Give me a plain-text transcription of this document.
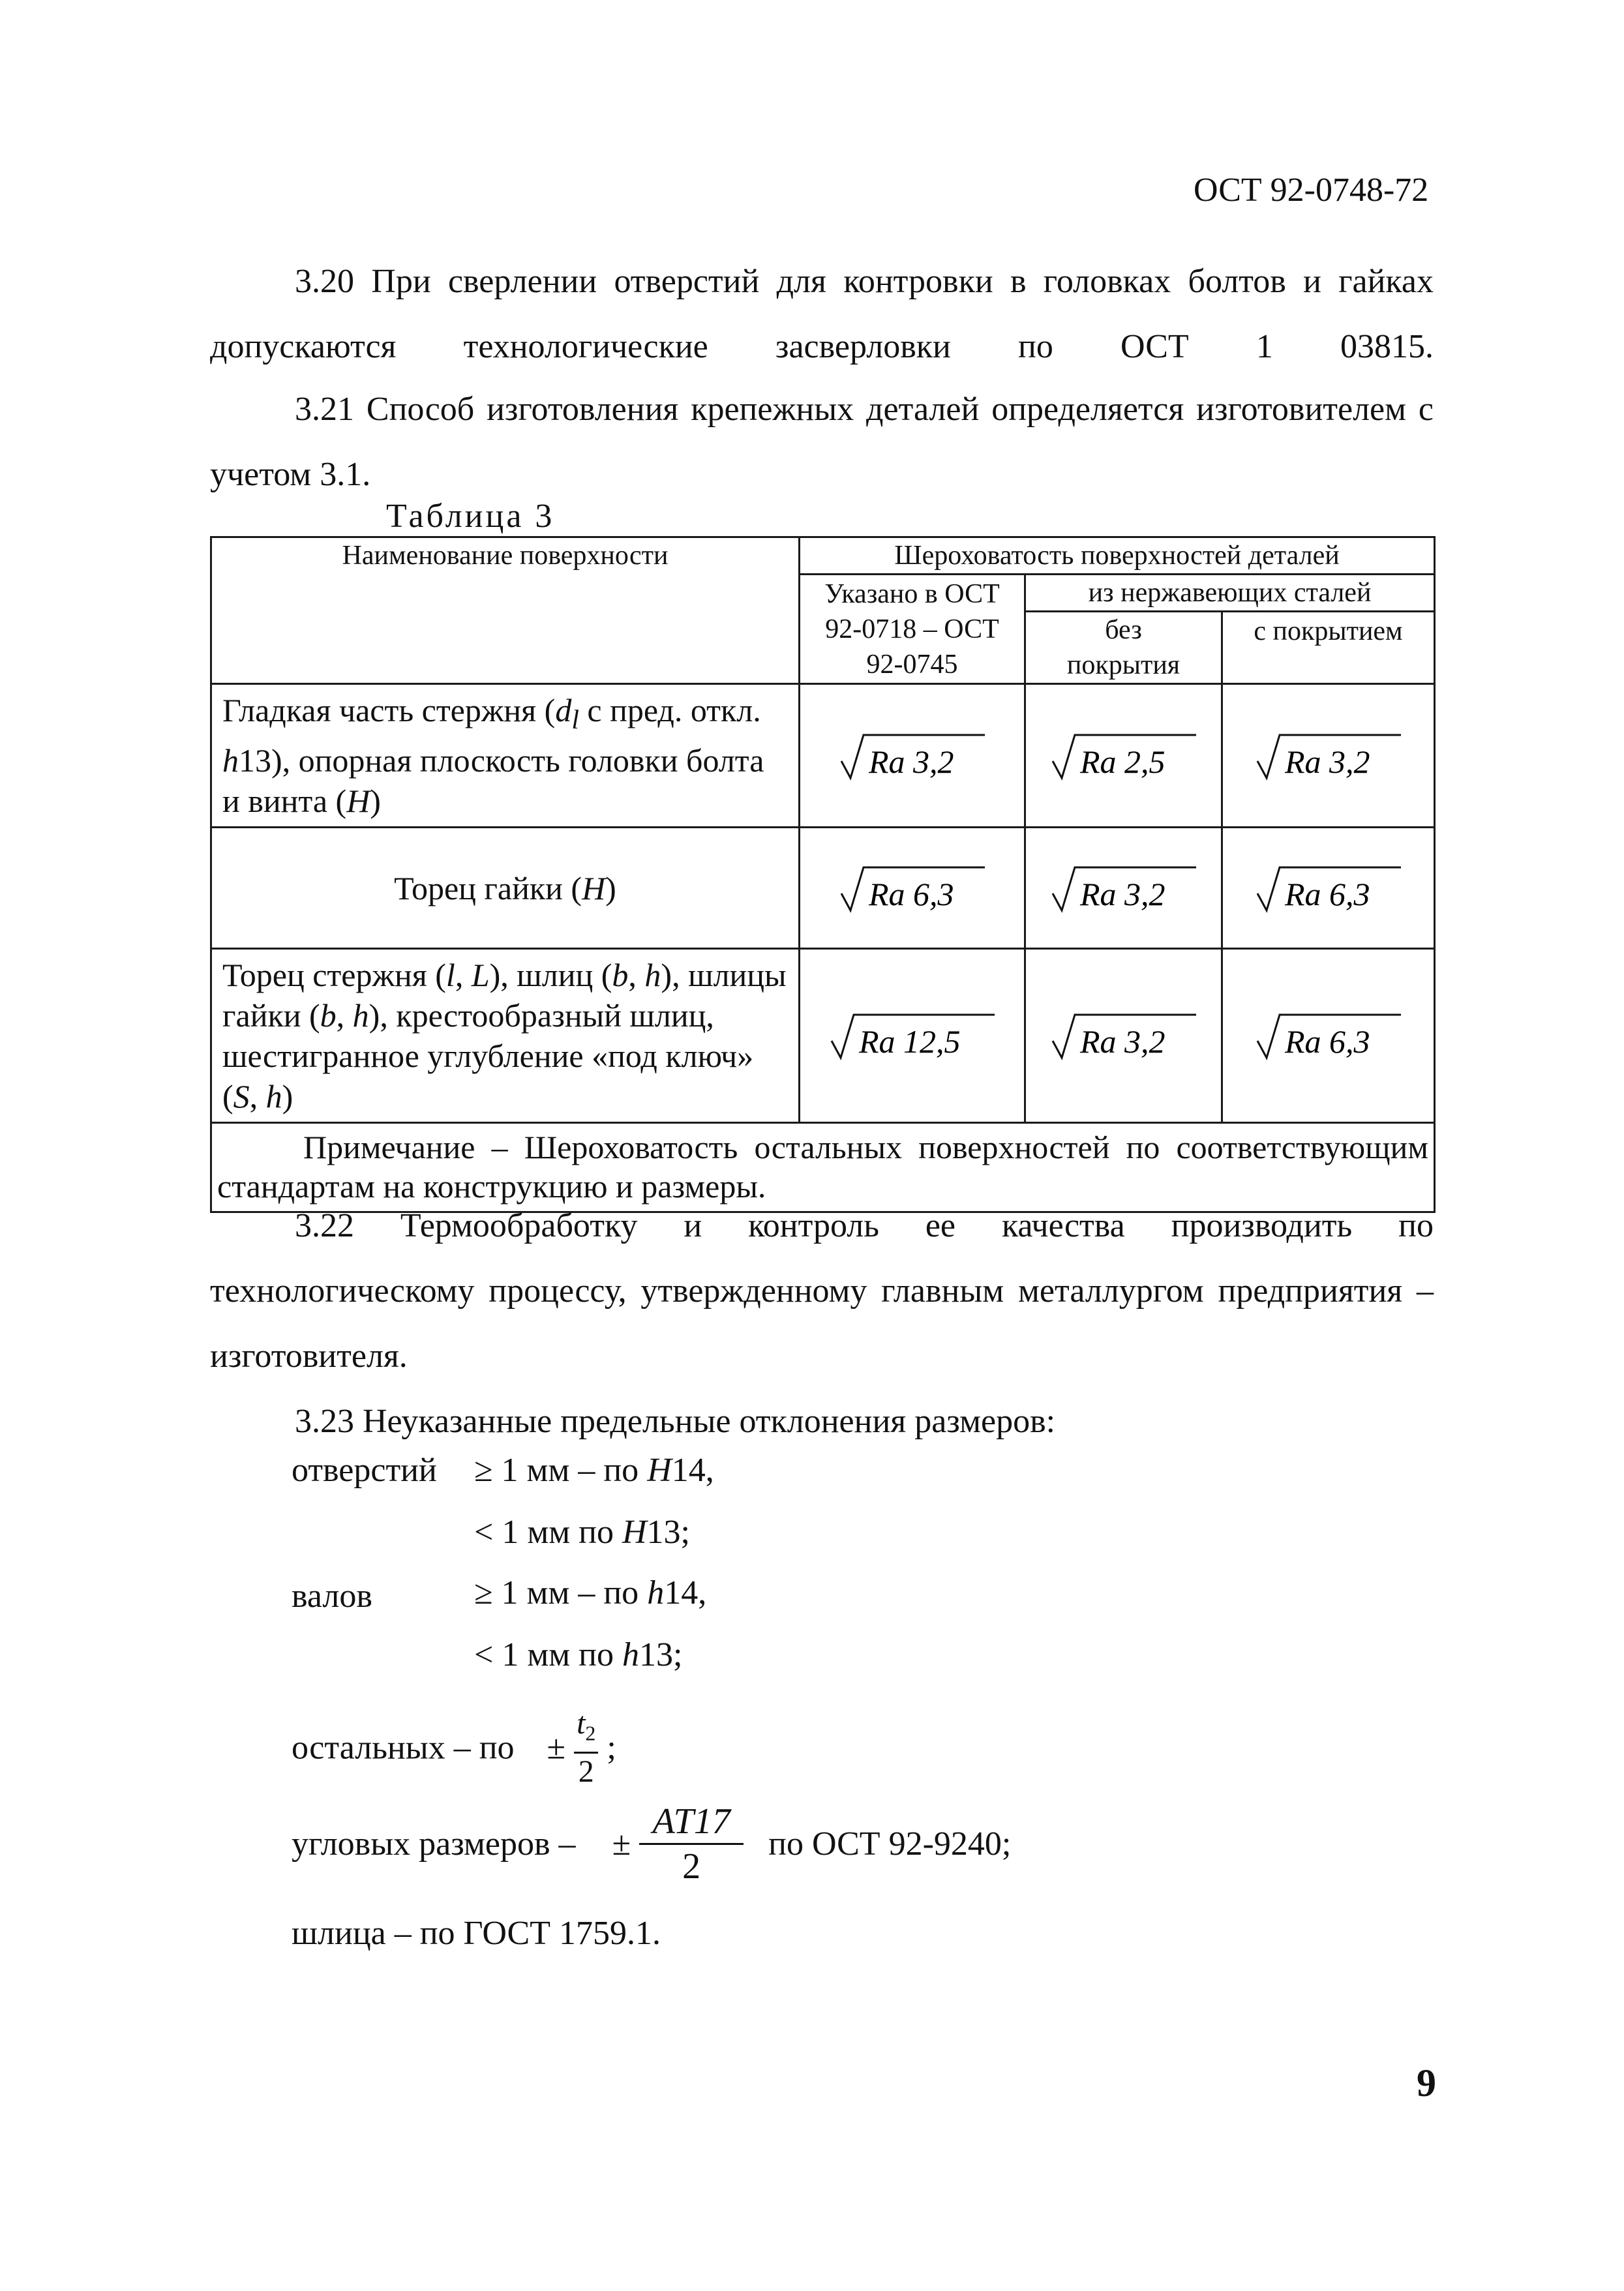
ОСТ 92-0748-72
3.20 При сверлении отверстий для контровки в головках болтов и гайках допускаются технологические засверловки по ОСТ 1 03815.
3.21 Способ изготовления крепежных деталей определяется изготовителем с учетом 3.1.
Таблица 3
Наименование поверхности	Шероховатость поверхностей деталей		
	Указано в ОСТ 92-0718 – ОСТ 92-0745	из нержавеющих сталей	
		без покрытия	с покрытием
Гладкая часть стержня ($d_l$ с пред. откл. h13), опорная плоскость головки болта и винта (H)	Ra 3,2	Ra 2,5	Ra 3,2

Торец гайки (H)	Ra 6,3	Ra 3,2	Ra 6,3

Торец стержня (l, L), шлиц (b, h), шлицы гайки (b, h), крестообразный шлиц, шестигранное углубление «под ключ» (S, h)	Ra 12,5	Ra 3,2	Ra 6,3

Примечание – Шероховатость остальных поверхностей по соответствующим стандартам на конструкцию и размеры.			
3.22 Термообработку и контроль ее качества производить по технологическому процессу, утвержденному главным металлургом предприятия – изготовителя.
3.23 Неуказанные предельные отклонения размеров:
отверстий ≥ 1 мм – по H14,
< 1 мм по H13;
валов	≥ 1 мм – по h14,
< 1 мм по h13;
остальных – по ± $\frac{t_2}{2}$ ;
угловых размеров – ± $\frac{AT17}{2}$ по ОСТ 92-9240;
шлица – по ГОСТ 1759.1.
9
